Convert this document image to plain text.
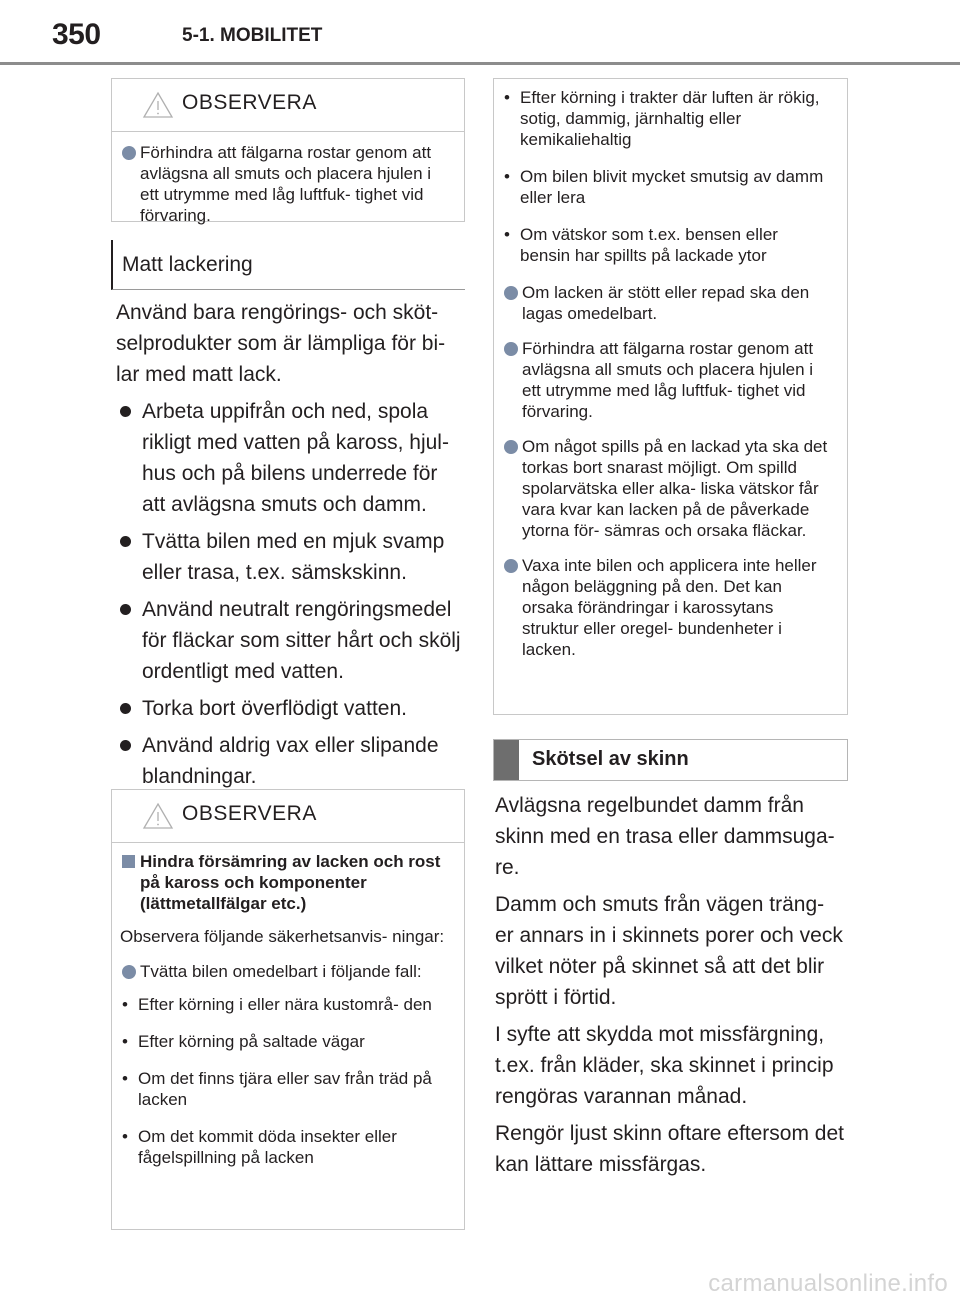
350	5-1. MOBILITET
OBSERVERA
Förhindra att fälgarna rostar genom att avlägsna all smuts och placera hjulen i ett utrymme med låg luftfuk- tighet vid förvaring.
Matt lackering
Använd bara rengörings- och sköt- selprodukter som är lämpliga för bi- lar med matt lack.
Arbeta uppifrån och ned, spola rikligt med vatten på kaross, hjul- hus och på bilens underrede för att avlägsna smuts och damm.
Tvätta bilen med en mjuk svamp eller trasa, t.ex. sämskskinn.
Använd neutralt rengöringsmedel för fläckar som sitter hårt och skölj ordentligt med vatten.
Torka bort överflödigt vatten.
Använd aldrig vax eller slipande blandningar.
OBSERVERA
Hindra försämring av lacken och rost på kaross och komponenter (lättmetallfälgar etc.)
Observera följande säkerhetsanvis- ningar:
Tvätta bilen omedelbart i följande fall:
• Efter körning i eller nära kustområ- den
• Efter körning på saltade vägar
• Om det finns tjära eller sav från träd på lacken
• Om det kommit döda insekter eller fågelspillning på lacken
• Efter körning i trakter där luften är rökig, sotig, dammig, järnhaltig eller kemikaliehaltig
• Om bilen blivit mycket smutsig av damm eller lera
• Om vätskor som t.ex. bensen eller bensin har spillts på lackade ytor
Om lacken är stött eller repad ska den lagas omedelbart.
Förhindra att fälgarna rostar genom att avlägsna all smuts och placera hjulen i ett utrymme med låg luftfuk- tighet vid förvaring.
Om något spills på en lackad yta ska det torkas bort snarast möjligt. Om spilld spolarvätska eller alka- liska vätskor får vara kvar kan lacken på de påverkade ytorna för- sämras och orsaka fläckar.
Vaxa inte bilen och applicera inte heller någon beläggning på den. Det kan orsaka förändringar i karossytans struktur eller oregel- bundenheter i lacken.
Skötsel av skinn
Avlägsna regelbundet damm från skinn med en trasa eller dammsuga- re.
Damm och smuts från vägen träng- er annars in i skinnets porer och veck vilket nöter på skinnet så att det blir sprött i förtid.
I syfte att skydda mot missfärgning, t.ex. från kläder, ska skinnet i princip rengöras varannan månad.
Rengör ljust skinn oftare eftersom det kan lättare missfärgas.
carmanualsonline.info
